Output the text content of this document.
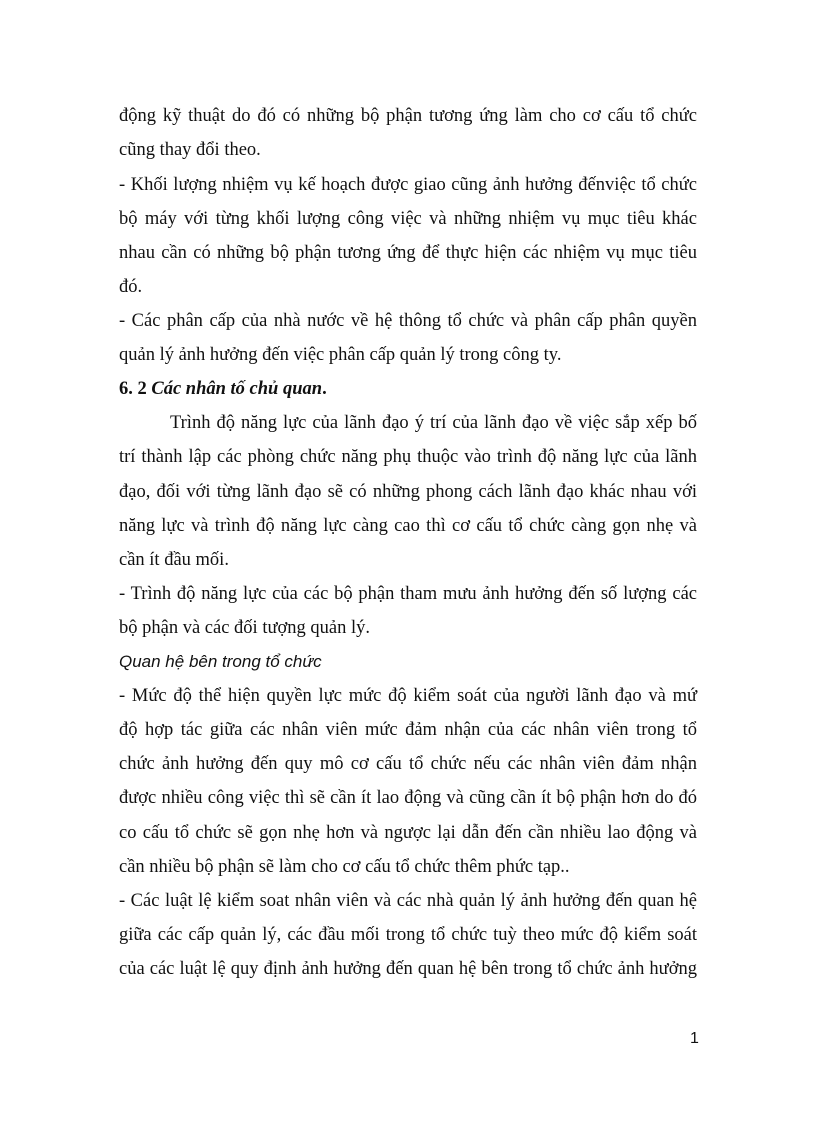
động kỹ thuật do đó có những bộ phận tương ứng làm cho cơ cấu tổ chức
cũng thay đổi theo.
- Khối lượng nhiệm vụ kế hoạch được giao cũng ảnh hưởng đếnviệc tổ chức
bộ máy với từng khối lượng công việc và những nhiệm vụ mục tiêu khác
nhau cần có những bộ phận tương ứng để thực hiện các nhiệm vụ mục tiêu
đó.
- Các phân cấp của nhà nước về hệ thông tổ chức và phân cấp phân quyền
quản lý ảnh hưởng đến việc phân cấp quản lý trong công ty.
6. 2 Các nhân tố chủ quan.
Trình độ năng lực của lãnh đạo ý trí của lãnh đạo về việc sắp xếp bố
trí thành lập các phòng chức năng phụ thuộc vào trình độ năng lực của lãnh
đạo, đối với từng lãnh đạo sẽ có những phong cách lãnh đạo khác nhau với
năng lực và trình độ năng lực càng cao thì cơ cấu tổ chức càng gọn nhẹ và
cần ít đầu mối.
- Trình độ năng lực của các bộ phận tham mưu ảnh hưởng đến số lượng các
bộ phận và các đối tượng quản lý.
Quan hệ bên trong tổ chức
- Mức độ thể hiện quyền lực mức độ kiểm soát của người lãnh đạo và mứ
độ hợp tác giữa các nhân viên mức đảm nhận của các nhân viên trong tổ
chức ảnh hưởng đến quy mô cơ cấu tổ chức nếu các nhân viên đảm nhận
được nhiều công việc thì sẽ cần ít lao động và cũng cần ít bộ phận hơn do đó
co cấu tổ chức sẽ gọn nhẹ hơn và ngược lại dẫn đến cần nhiều lao động và
cần nhiều bộ phận sẽ làm cho cơ cấu tổ chức thêm phức tạp..
- Các luật lệ kiểm soat nhân viên và các nhà quản lý ảnh hưởng đến quan hệ
giữa các cấp quản lý, các đầu mối trong tổ chức tuỳ theo mức độ kiểm soát
của các luật lệ quy định ảnh hưởng đến quan hệ bên trong tổ chức ảnh hưởng
1
